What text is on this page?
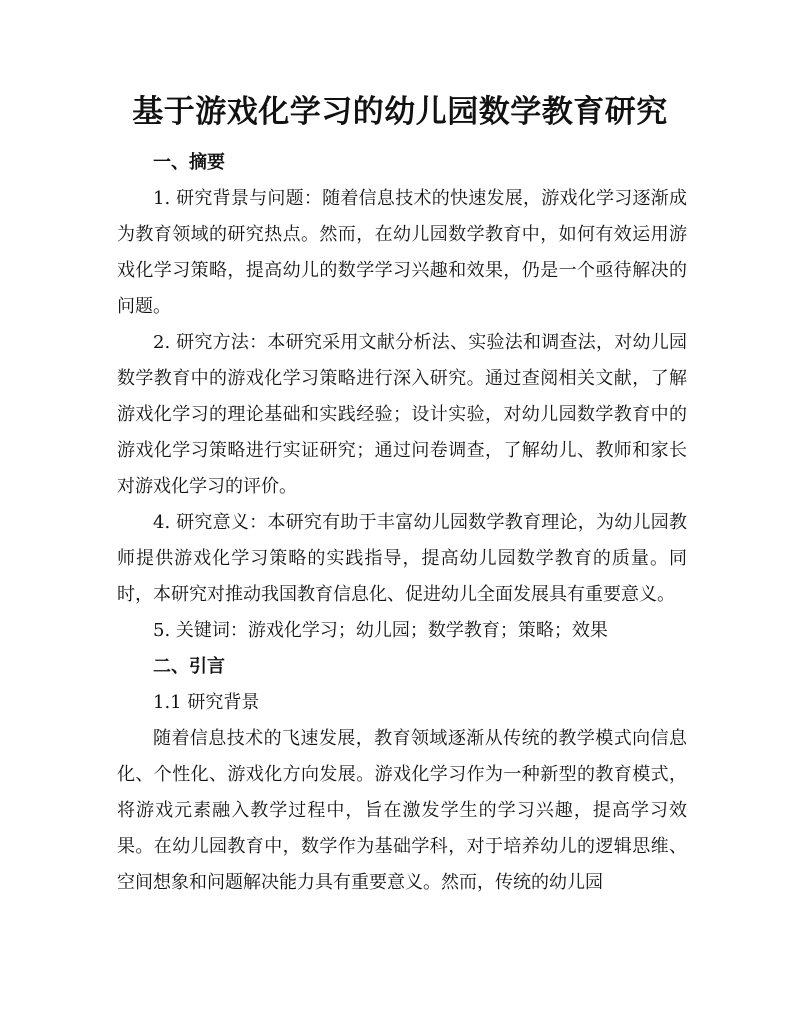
基于游戏化学习的幼儿园数学教育研究

一、摘要

1. 研究背景与问题：随着信息技术的快速发展，游戏化学习逐渐成为教育领域的研究热点。然而，在幼儿园数学教育中，如何有效运用游戏化学习策略，提高幼儿的数学学习兴趣和效果，仍是一个亟待解决的问题。

2. 研究方法：本研究采用文献分析法、实验法和调查法，对幼儿园数学教育中的游戏化学习策略进行深入研究。通过查阅相关文献，了解游戏化学习的理论基础和实践经验；设计实验，对幼儿园数学教育中的游戏化学习策略进行实证研究；通过问卷调查，了解幼儿、教师和家长对游戏化学习的评价。

4. 研究意义：本研究有助于丰富幼儿园数学教育理论，为幼儿园教师提供游戏化学习策略的实践指导，提高幼儿园数学教育的质量。同时，本研究对推动我国教育信息化、促进幼儿全面发展具有重要意义。

5. 关键词：游戏化学习；幼儿园；数学教育；策略；效果

二、引言

1.1 研究背景

随着信息技术的飞速发展，教育领域逐渐从传统的教学模式向信息化、个性化、游戏化方向发展。游戏化学习作为一种新型的教育模式，将游戏元素融入教学过程中，旨在激发学生的学习兴趣，提高学习效果。在幼儿园教育中，数学作为基础学科，对于培养幼儿的逻辑思维、空间想象和问题解决能力具有重要意义。然而，传统的幼儿园
